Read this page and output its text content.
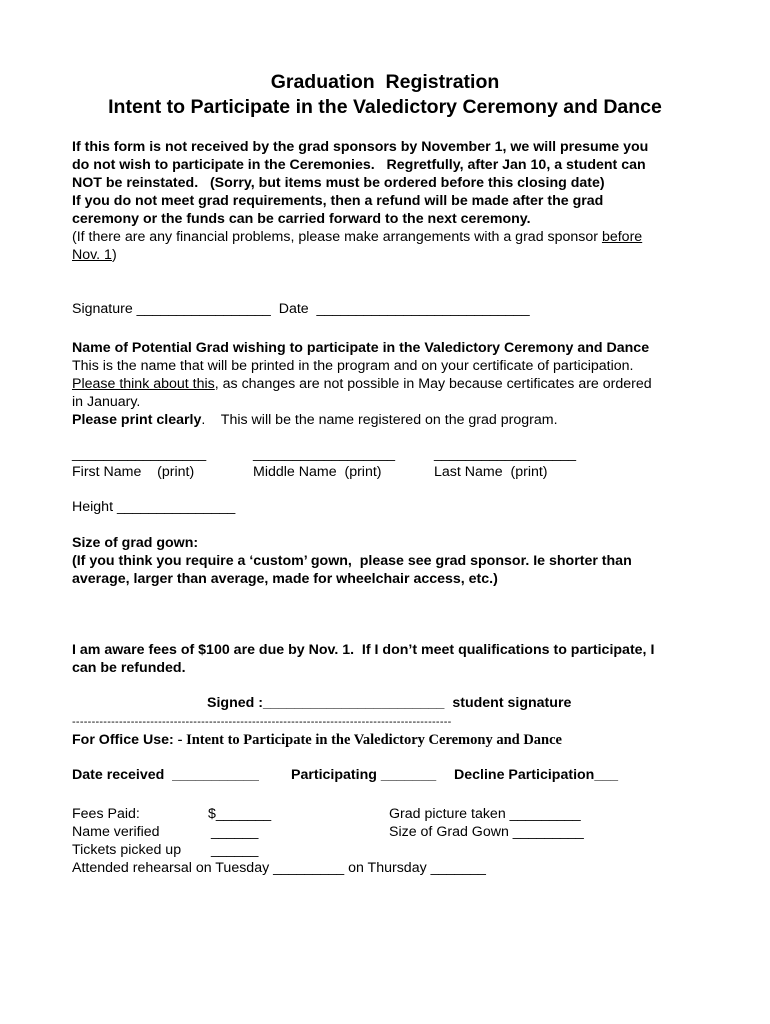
Graduation  Registration
Intent to Participate in the Valedictory Ceremony and Dance
If this form is not received by the grad sponsors by November 1, we will presume you
do not wish to participate in the Ceremonies.   Regretfully, after Jan 10, a student can
NOT be reinstated.   (Sorry, but items must be ordered before this closing date)
If you do not meet grad requirements, then a refund will be made after the grad
ceremony or the funds can be carried forward to the next ceremony.
(If there are any financial problems, please make arrangements with a grad sponsor before
Nov. 1)
Signature _________________  Date  ___________________________
Name of Potential Grad wishing to participate in the Valedictory Ceremony and Dance
This is the name that will be printed in the program and on your certificate of participation.
Please think about this, as changes are not possible in May because certificates are ordered
in January.
Please print clearly.    This will be the name registered on the grad program.
_________________	__________________	__________________
First Name    (print)	Middle Name  (print)	Last Name  (print)
Height _______________
Size of grad gown:
(If you think you require a ‘custom’ gown,  please see grad sponsor. Ie shorter than
average, larger than average, made for wheelchair access, etc.)
I am aware fees of $100 are due by Nov. 1.  If I don’t meet qualifications to participate, I
can be refunded.
Signed :_______________________  student signature
-------------------------------------------------------------------------------------------------
For Office Use: - Intent to Participate in the Valedictory Ceremony and Dance
Date received  ___________ Participating _______ Decline Participation___
Fees Paid:	$_______	Grad picture taken _________
Name verified	______	Size of Grad Gown _________
Tickets picked up ______
Attended rehearsal on Tuesday _________ on Thursday _______
